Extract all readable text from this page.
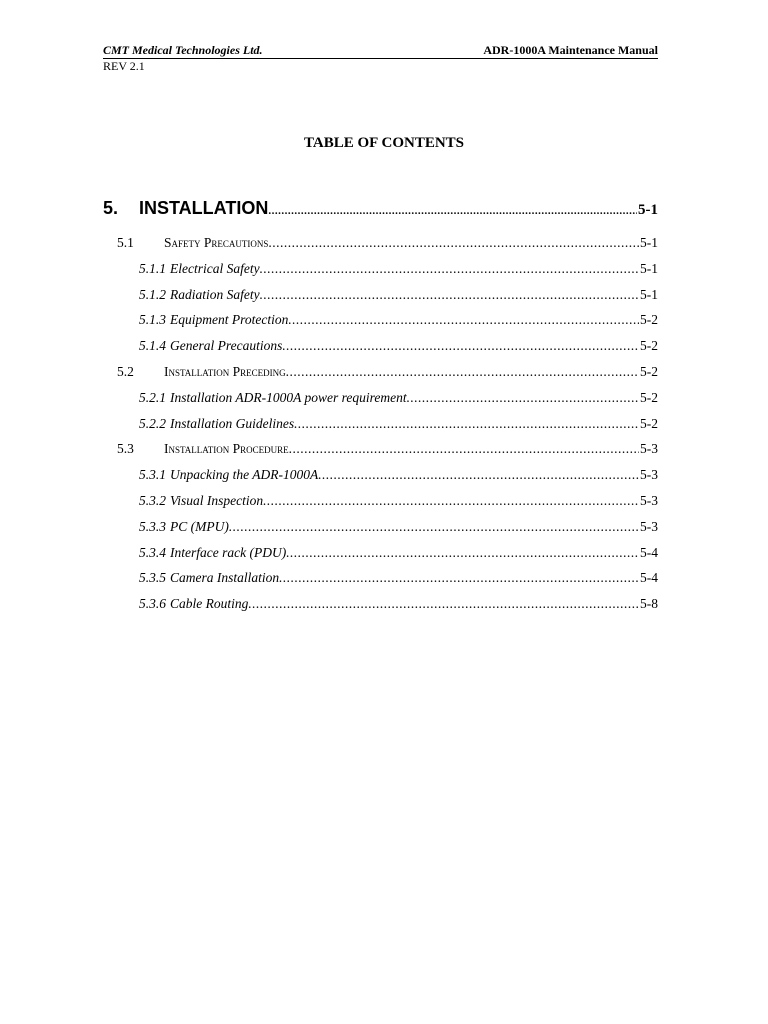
CMT Medical Technologies Ltd.	ADR-1000A Maintenance Manual
REV 2.1
TABLE OF CONTENTS
5.	INSTALLATION .....	5-1
5.1	Safety Precautions .....	5-1
5.1.1 Electrical Safety .....	5-1
5.1.2 Radiation Safety .....	5-1
5.1.3 Equipment Protection .....	5-2
5.1.4 General Precautions .....	5-2
5.2	Installation Preceding .....	5-2
5.2.1 Installation ADR-1000A power requirement .....	5-2
5.2.2 Installation Guidelines .....	5-2
5.3	Installation Procedure .....	5-3
5.3.1 Unpacking the ADR-1000A .....	5-3
5.3.2 Visual Inspection .....	5-3
5.3.3 PC (MPU) .....	5-3
5.3.4 Interface rack (PDU) .....	5-4
5.3.5 Camera Installation .....	5-4
5.3.6 Cable Routing .....	5-8
